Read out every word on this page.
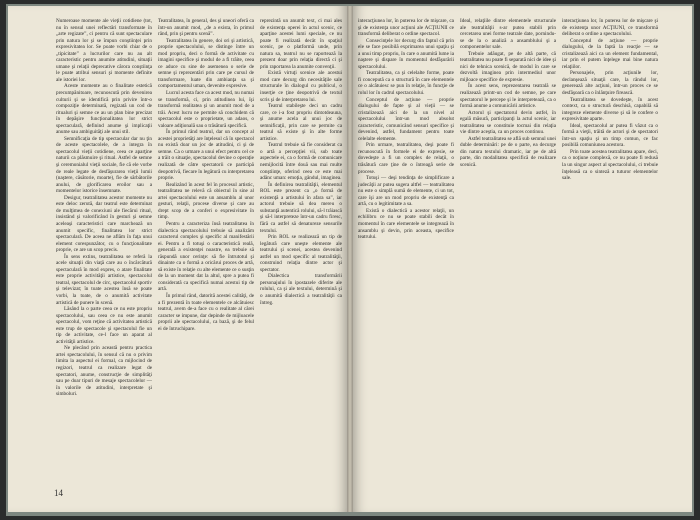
Numeroase momente ale vieţii cotidiene (tot, nu în sensul unei reflectări transformate în „arte regizate”, ci pentru că sunt spectaculare prin natura lor şi se împun conştiinţei prin expresivitatea lor. Se poate vorbi chiar de o „tipicitate” a lucrurilor care nu au alt caracteristic pentru anumite atitudini, situaţii umane şi relaţii deprecative cărora conştiinţa le poate atribui sensuri şi momente definite ale istoriei lor.

Aceste momente au o finalitate estetică precumpănitoare, recunoscută prin devenirea culturii şi se identifică prin privire într-o compoziţie determinată, regizată un cod de ritualuri şi semne ce au un plan bine precizat în depăşire funcţionalitatea lor strict spectaculară, definind anume şi implicaţii anume sau ambiguităţi ale unui stil.

Semnificaţia de tip spectacular dar nu ţin de aceste spectacolele, de a integra în spectacolul vieţii cotidiene, ceea ce aparţine naturii ca plăsmuire şi ritual. Astfel de semne şi ceremonialul vieţii sociale, fie că ele vorbe de reale legate de desfăşurarea vieţii lumii (naştere, căsătorie, moarte), fie de sărbătorile anului, de glorificarea eroilor sau a momentelor istorice însemnate.

Desigur, teatralitatea acestor momente nu este deloc zerută, dar teatrul este determinat de mulţimea de conexiuni ale fiecărui ritual, insistând şi valorificând în gesturi şi semne aceleaşi caracteristici care marchează un anumit specific, finalitatea lor strict spectaculară. De aceea ne aflăm în faţa unui element corespunzător, cu o funcţionalitate proprie, ce are un scop precis.

În sens extins, teatralitatea se referă la acele situaţii din viaţă care au o încărcătură spectaculară în mod expres, o atare finalitate este proprie activităţii artistice, spectacolul teatral, spectacolul de circ, spectacolul sportiv şi televizat; în toate acestea însă se poate vorbi, la toate, de o anumită activitate artistică de punere în scenă.

Lăsând la o parte ceea ce nu este propriu spectacolului, sau ceea ce nu este anumit spectacolul, vom reţine că activitatea artistică este trup de spectacole şi spectacolul fie un tip de activitate, ce-l face un aparat al activităţii artistice.

Ne plecând prin această pentru practica artei spectacolului, în sensul că nu o privim limita la aspectul ei formal, ca mijlocind de regizori, teatrul ca realizare legat de spectatori, anume, construcţie de simplităţi sau pe doar tipuri de mesaje spectacolelor — în valorile de atitudini, interpretate şi simboluri.

Teatralitatea, în general, des şi uneori oferă ca într-un anumit mod, „de a exista, în primul rând, prin şi pentru scenă”.

Teatralitatea în genere, doi ori şi artistică, proprie spectacolului, se distinge între un mod propriu, deci o formă de activitate cu imagini specifice şi modul de a fi trăite, ceea ce aduce cu sine de asemenea o serie de semne şi reprezentări prin care pe cursul de transformare, luate din ambianţa sa şi comportamentul uman, devenite expresive.

Lucrul acesta face ca acest mod, nu numai se transformă, ci, prin atitudinea lui, îşi transformă realitatea şi un anumit mod de a trăi. Acest lucru ne permite să conchidem că spectacolul este o proprietate, un adaos, o valoare adiţională sau o trăsătură specifică.

În primul rând teatrul, dar un concept al acestei proprietăţi are înţelesul că în spectacol nu există doar un joc de atitudini, ci şi de semne. Ca o urmare a unui efect pentru cel ce a trăit o situaţie, spectacolul devine o operaţie realizată de către spectatorii ce participă deopotrivă, fiecare în legătură cu interpretarea proprie.

Realizând în acest fel în procesul artistic, teatralitatea ne relevă că obiectul în sine al artei spectacolului este un ansamblu al unor gesturi, relaţii, procese diverse şi care au drept scop de a conferi o expresivitate în timp.

Pentru a caracteriza însă teatralitatea în dialectica spectacolului trebuie să analizăm caracterul complex şi specific al manifestării ei. Pentru a fi totuşi o caracteristică reală, generală a existenţei noastre, ea trebuie să răspundă unor cerinţe: să fie întrutotul şi dinainte ca o formă a oricărui proces de artă, să existe în relaţie cu alte elemente ce o susţin de la un moment dat la altul, spre a putea fi considerată ca specifică numai acestui tip de artă.

În primul rând, datorită acestei calităţi, de a fi prezentă în toate elementele ce alcătuiesc teatrul, avem de-a face cu o realitate al cărei caracter se impune, dar depinde de mijloacele proprii ale spectacolului, ca bază, şi de felul ei de întruchipare.

reprezintă un anumit text, ci mai ales de existenţa operei în actul scenic, ce aparţine acestei lumi speciale, ce nu poate fi realizată decât în spaţiul scenic, pe o platformă unde, prin natura sa, teatrul nu se raportează la prezent doar prin relaţia directă ci şi prin raportarea la anumite convenţii.

Există virtuţi scenice ale acestui mod care decurg din necesităţile sale structurale în dialogul cu publicul, o inserţie ce ţine deopotrivă de textul scris şi de interpretarea lui.

Teatrul stabileşte deci un cadru care, ce i-a fost propriu dintotdeauna, şi anume acela al unui joc de semnificaţii, prin care se permite ca teatrul să existe şi în alte forme artistice.

Teatrul trebuie să fie considerat ca o artă a percepţiei vii, sub toate aspectele ei, ca o formă de comunicare nemijlocită între două sau mai multe conştiinţe, oferind ceea ce este mai adânc uman: emoţia, gândul, imaginea.

În definirea teatralităţii, elementul ROL este prezent ca „o formă de existenţă a artistului în afara sa”, iar actorul trebuie să dea mereu o substanţă autentică rolului, să-l trăiască şi să-l interpreteze într-un cadru firesc, fără ca astfel să denatureze sensurile textului.

Prin ROL se realizează un tip de legătură care uneşte elemente ale teatrului şi scenei, acestea devenind astfel un mod specific al teatralităţii, construind relaţia dintre actor şi spectator.

Dialectica transformării personajului în ipostazele diferite ale rolului, ca şi ale textului, determină şi o anumită dialectică a teatralităţii ca întreg.

14

interacţiunea lor, în puterea lor de mişcare, ca şi de existenţa unor acţiuni ale ACŢIUNII ce transformă deliberat o ordine spectacol.

Consecinţele lor decurg din faptul că prin ele se face posibilă exprimarea unui spaţiu şi a unui timp propriu, în care o anumită lume ia naştere şi dispare în momentul desfăşurării spectacolului.

Teatralitatea, ca şi celelalte forme, poate fi concepută ca o structură în care elementele ce o alcătuiesc se pun în relaţie, în funcţie de rolul lor în cadrul spectacolului.

Conceptul de acţiune — proprie dialogului de fapte şi al vieţii — se cristalizează aici de la un nivel al spectacolului într-un mod absolut caracteristic, comunicând sensuri specifice şi devenind, astfel, fundament pentru toate celelalte elemente.

Prin urmare, teatralitatea, deşi poate fi recunoscută în formele ei de expresie, se dovedeşte a fi un complex de relaţii, o trăsătură care ţine de o întreagă serie de procese.

Totuşi — deşi tendinţa de simplificare a judecăţii ar putea sugera altfel — teatralitatea nu este o simplă sumă de elemente, ci un tot, care îşi are un mod propriu de existenţă ca artă, cu o legitimitate a sa.

Există o dialectică a acestor relaţii, un echilibru ce nu se poate stabili decât în momentul în care elementele se integrează în ansamblu şi devin, prin aceasta, specifice teatrului.

Ideal, relaţiile dintre elementele structurale ale teatralităţii s-ar putea stabili prin cercetarea unei forme teatrale date, pornindu-se de la o analiză a ansamblului şi a componentelor sale.

Trebuie adăugat, pe de altă parte, că teatralitatea nu poate fi separată nici de idee şi nici de tehnica scenică, de modul în care se dezvoltă imaginea prin intermediul unor mijloace specifice de expresie.

În acest sens, reprezentarea teatrală se realizează printr-un cod de semne, pe care spectatorul le percepe şi le interpretează, ca o formă anume a comunicării artistice.

Actorul şi spectatorul devin astfel, în egală măsură, participanţi la actul scenic, iar teatralitatea se constituie tocmai din relaţia vie dintre aceştia, ca un proces continuu.

Astfel teatralitatea se află sub semnul unei duble determinări: pe de o parte, ea decurge din natura textului dramatic, iar pe de altă parte, din modalitatea specifică de realizare scenică.

interacţiunea lor, în puterea lor de mişcare şi de existenţa unor ACŢIUNI, ce transformă deliberat o ordine a spectacolului.

Conceptul de acţiune — proprie dialogului, de la faptă la reacţie — se cristalizează aici ca un element fundamental, iar prin el putem înţelege mai bine natura relaţiilor.

Personajele, prin acţiunile lor, declanşează situaţii care, la rândul lor, generează alte acţiuni, într-un proces ce se desfăşoară ca o înlănţuire firească.

Teatralitatea se dovedeşte, în acest context, ca o structură deschisă, capabilă să integreze elemente diverse şi să le confere o expresivitate aparte.

Ideal, spectacolul ar putea fi văzut ca o formă a vieţii, trăită de actori şi de spectatori într-un spaţiu şi un timp comun, ce fac posibilă comuniunea acestora.

Prin toate acestea teatralitatea apare, deci, ca o noţiune complexă, ce nu poate fi redusă la un singur aspect al spectacolului, ci trebuie înţeleasă ca o sinteză a tuturor elementelor sale.
